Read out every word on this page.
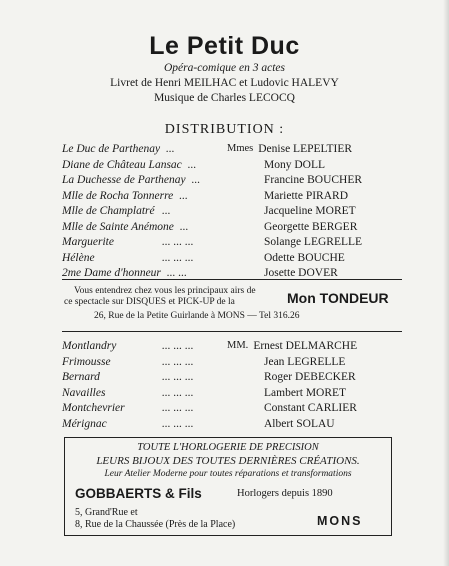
Le Petit Duc
Opéra-comique en 3 actes
Livret de Henri MEILHAC et Ludovic HALEVY
Musique de Charles LECOCQ
DISTRIBUTION :
Le Duc de Parthenay ...	Mmes Denise LEPELTIER
Diane de Château Lansac ...	Mony DOLL
La Duchesse de Parthenay ...	Francine BOUCHER
Mlle de Rocha Tonnerre ...	Mariette PIRARD
Mlle de Champlatré ...	Jacqueline MORET
Mlle de Sainte Anémone ...	Georgette BERGER
Marguerite	... ... ...	Solange LEGRELLE
Hélène	... ... ...	Odette BOUCHE
2me Dame d'honneur ... ...	Josette DOVER
Vous entendrez chez vous les principaux airs de
ce spectacle sur DISQUES et PICK-UP de la	Mon TONDEUR
26, Rue de la Petite Guirlande à MONS — Tel 316.26
Montlandry	... ... ...	MM. Ernest DELMARCHE
Frimousse	... ... ...	Jean LEGRELLE
Bernard	... ... ...	Roger DEBECKER
Navailles	... ... ...	Lambert MORET
Montchevrier	... ... ...	Constant CARLIER
Mérignac	... ... ...	Albert SOLAU
TOUTE L'HORLOGERIE DE PRECISION
LEURS BIJOUX DES TOUTES DERNIÈRES CRÉATIONS.
Leur Atelier Moderne pour toutes réparations et transformations
GOBBAERTS & Fils	Horlogers depuis 1890
5, Grand'Rue et
8, Rue de la Chaussée (Près de la Place)	MONS
